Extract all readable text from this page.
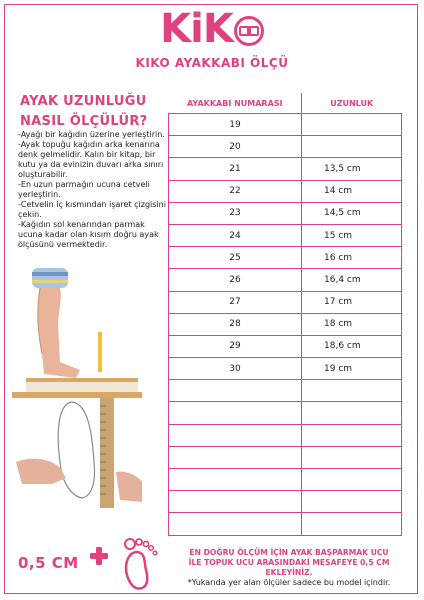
KiK
KIKO AYAKKABI ÖLÇÜ
AYAK UZUNLUĞU
NASIL ÖLÇÜLÜR?
-Ayağı bir kağıdın üzerine yerleştirin.
-Ayak topuğu kağıdın arka kenarına denk gelmelidir. Kalın bir kitap, bir kutu ya da evinizin duvarı arka sınırı oluşturabilir.
-En uzun parmağın ucuna cetveli yerleştirin.
-Cetvelin iç kısmından işaret çizgisini çekin.
-Kağıdın sol kenarından parmak ucuna kadar olan kısım doğru ayak ölçüsünü vermektedir.
AYAKKABI NUMARASI	UZUNLUK
19	
20	
21	13,5 cm
22	14 cm
23	14,5 cm
24	15 cm
25	16 cm
26	16,4 cm
27	17 cm
28	18 cm
29	18,6 cm
30	19 cm

0,5 CM
EN DOĞRU ÖLÇÜM İÇİN AYAK BAŞPARMAK UCU
İLE TOPUK UCU ARASINDAKİ MESAFEYE 0,5 CM
EKLEYİNİZ.
*Yukarıda yer alan ölçüler sadece bu model içindir.
